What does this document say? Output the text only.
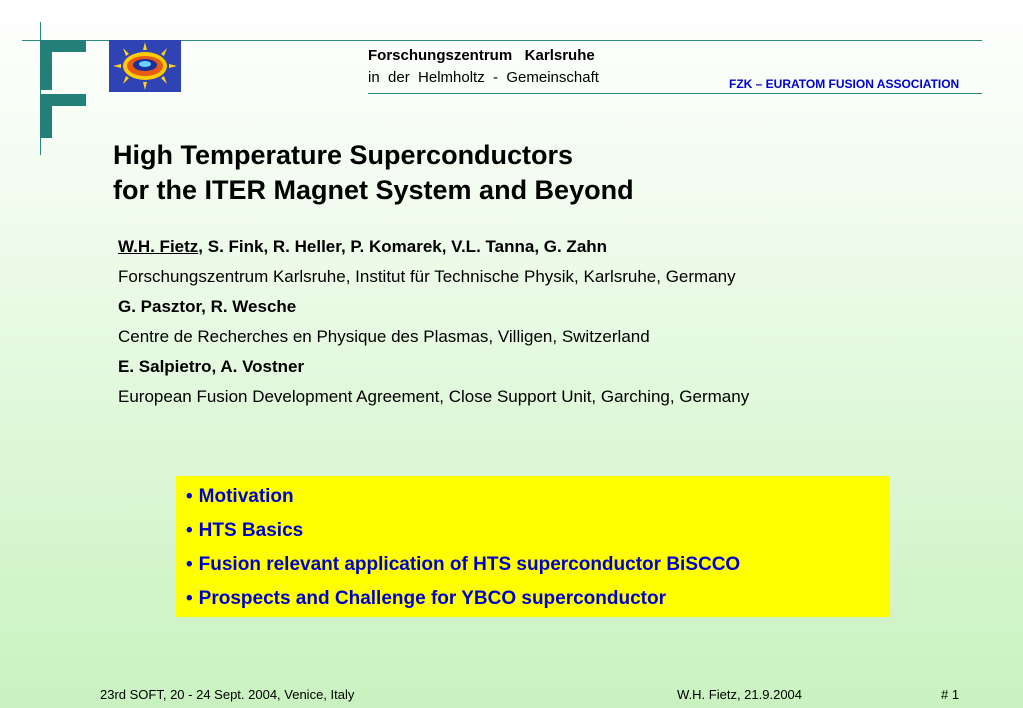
Forschungszentrum   Karlsruhe
in  der  Helmholtz  -  Gemeinschaft	FZK – EURATOM FUSION ASSOCIATION
High Temperature Superconductors
for the ITER Magnet System and Beyond
W.H. Fietz, S. Fink, R. Heller, P. Komarek, V.L. Tanna, G. Zahn
Forschungszentrum Karlsruhe, Institut für Technische Physik, Karlsruhe, Germany
G. Pasztor, R. Wesche
Centre de Recherches en Physique des Plasmas, Villigen, Switzerland
E. Salpietro, A. Vostner
European Fusion Development Agreement, Close Support Unit, Garching, Germany
• Motivation
• HTS Basics
• Fusion relevant application of HTS superconductor BiSCCO
• Prospects and Challenge for YBCO superconductor
23rd SOFT, 20 - 24 Sept. 2004, Venice, Italy	W.H. Fietz, 21.9.2004	# 1
